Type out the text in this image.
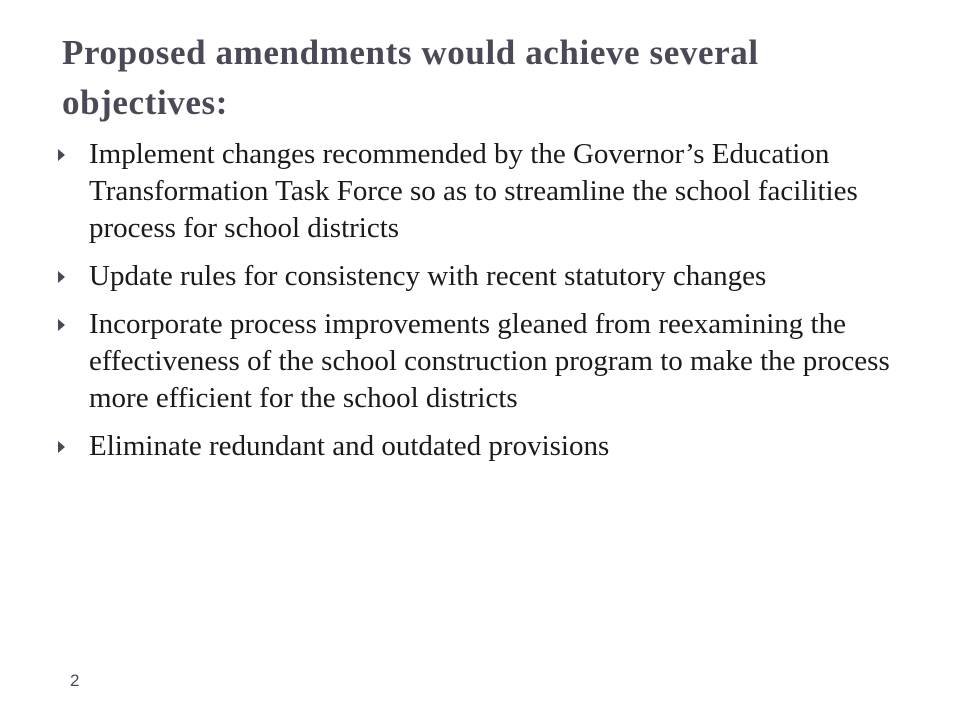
Proposed amendments would achieve several objectives:
Implement changes recommended by the Governor’s Education Transformation Task Force so as to streamline the school facilities process for school districts
Update rules for consistency with recent statutory changes
Incorporate process improvements gleaned from reexamining the effectiveness of the school construction program to make the process more efficient for the school districts
Eliminate redundant and outdated provisions
2
